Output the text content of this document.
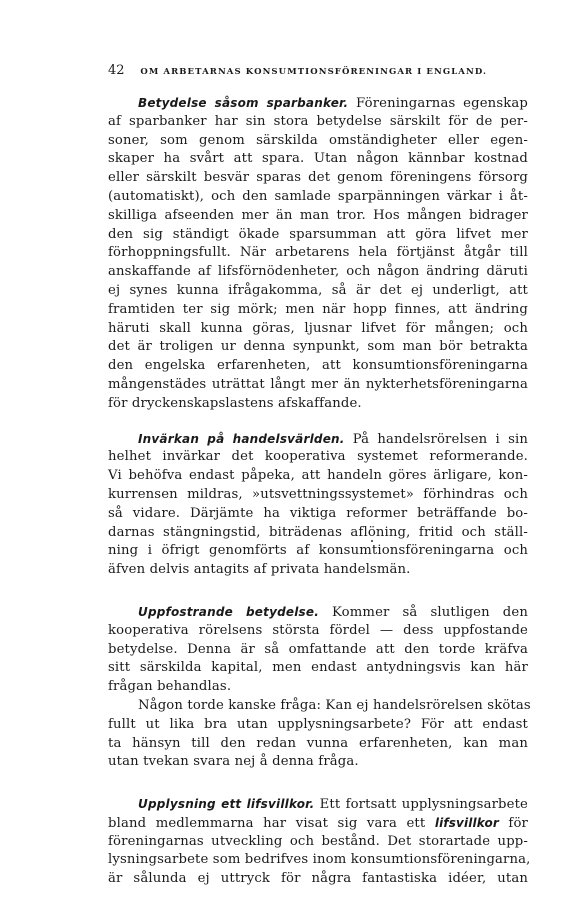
42 OM ARBETARNAS KONSUMTIONSFÖRENINGAR I ENGLAND.
Betydelse såsom sparbanker. Föreningarnas egenskap
af sparbanker har sin stora betydelse särskilt för de per-
soner, som genom särskilda omständigheter eller egen-
skaper ha svårt att spara. Utan någon kännbar kostnad
eller särskilt besvär sparas det genom föreningens försorg
(automatiskt), och den samlade sparpänningen värkar i åt-
skilliga afseenden mer än man tror. Hos mången bidrager
den sig ständigt ökade sparsumman att göra lifvet mer
förhoppningsfullt. När arbetarens hela förtjänst åtgår till
anskaffande af lifsförnödenheter, och någon ändring däruti
ej synes kunna ifrågakomma, så är det ej underligt, att
framtiden ter sig mörk; men när hopp finnes, att ändring
häruti skall kunna göras, ljusnar lifvet för mången; och
det är troligen ur denna synpunkt, som man bör betrakta
den engelska erfarenheten, att konsumtionsföreningarna
mångenstädes uträttat långt mer än nykterhetsföreningarna
för dryckenskapslastens afskaffande.
Invärkan på handelsvärlden. På handelsrörelsen i sin
helhet invärkar det kooperativa systemet reformerande.
Vi behöfva endast påpeka, att handeln göres ärligare, kon-
kurrensen mildras, »utsvettningssystemet» förhindras och
så vidare. Därjämte ha viktiga reformer beträffande bo-
darnas stängningstid, biträdenas aflöning, fritid och ställ-
ning i öfrigt genomförts af konsumtionsföreningarna och
äfven delvis antagits af privata handelsmän.
Uppfostrande betydelse. Kommer så slutligen den
kooperativa rörelsens största fördel — dess uppfostande
betydelse. Denna är så omfattande att den torde kräfva
sitt särskilda kapital, men endast antydningsvis kan här
frågan behandlas.
Någon torde kanske fråga: Kan ej handelsrörelsen skötas
fullt ut lika bra utan upplysningsarbete? För att endast
ta hänsyn till den redan vunna erfarenheten, kan man
utan tvekan svara nej å denna fråga.
Upplysning ett lifsvillkor. Ett fortsatt upplysningsarbete
bland medlemmarna har visat sig vara ett lifsvillkor för
föreningarnas utveckling och bestånd. Det storartade upp-
lysningsarbete som bedrifves inom konsumtionsföreningarna,
är sålunda ej uttryck för några fantastiska idéer, utan
